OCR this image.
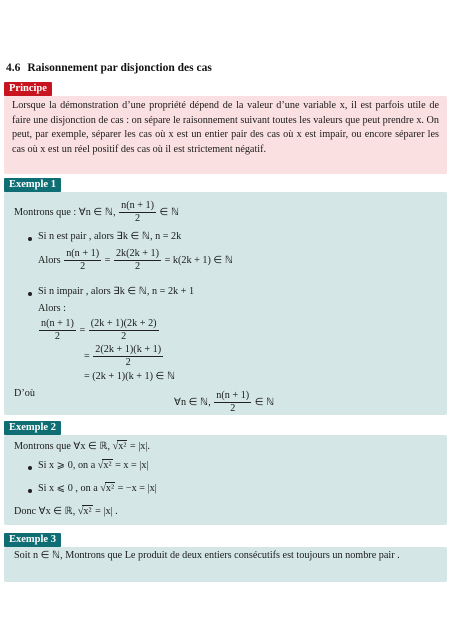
4.6 Raisonnement par disjonction des cas
Principe
Lorsque la démonstration d’une propriété dépend de la valeur d’une variable x, il est parfois utile de faire une disjonction de cas : on sépare le raisonnement suivant toutes les valeurs que peut prendre x. On peut, par exemple, séparer les cas où x est un entier pair des cas où x est impair, ou encore séparer les cas où x est un réel positif des cas où il est strictement négatif.
Exemple 1
Montrons que : ∀n ∈ ℕ, $\frac{n(n + 1)}{2}$ ∈ ℕ
Si n est pair , alors ∃k ∈ ℕ, n = 2k
Alors $\frac{n(n + 1)}{2} = \frac{2k(2k + 1)}{2} = k(2k + 1)$ ∈ ℕ
Si n impair , alors ∃k ∈ ℕ, n = 2k + 1
Alors :
$\frac{n(n + 1)}{2} = \frac{(2k + 1)(2k + 2)}{2}$
= $\frac{2(2k + 1)(k + 1)}{2}$
= (2k + 1)(k + 1) ∈ ℕ
D’où
∀n ∈ ℕ, $\frac{n(n + 1)}{2}$ ∈ ℕ
Exemple 2
Montrons que ∀x ∈ ℝ, √x² = |x|.
Si x ⩾ 0, on a √x² = x = |x|
Si x ⩽ 0 , on a √x² = −x = |x|
Donc ∀x ∈ ℝ, √x² = |x| .
Exemple 3
Soit n ∈ ℕ, Montrons que Le produit de deux entiers consécutifs est toujours un nombre pair .
